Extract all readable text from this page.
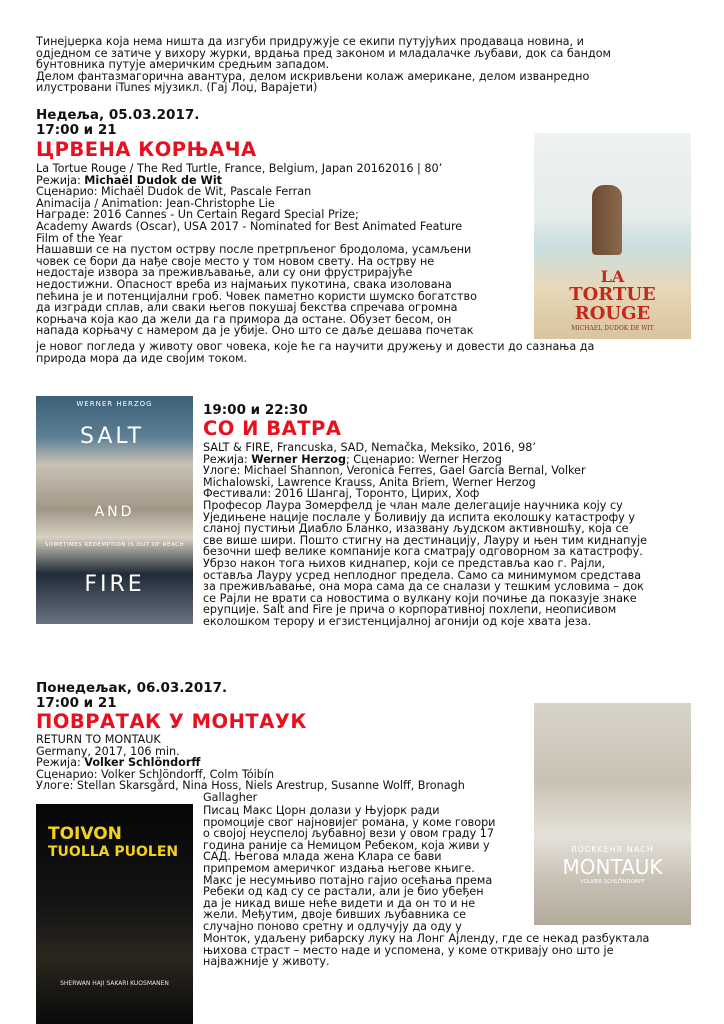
Тинејџерка која нема ништа да изгуби придружује се екипи путујућих продаваца новина, и
одједном се затиче у вихору журки, врдања пред законом и младалачке љубави, док са бандом
бунтовника путује америчким средњим западом.
Делом фантазмагорична авантура, делом искривљени колаж американе, делом изванредно
илустровани iTunes мјузикл. (Гај Лоџ, Варајети)
Недеља, 05.03.2017.
17:00 и 21
ЦРВЕНА КОРЊАЧА
La Tortue Rouge / The Red Turtle, France, Belgium, Japan 20162016 | 80’
Режија: Michaël Dudok de Wit
Сценарио: Michaël Dudok de Wit, Pascale Ferran
Animacija / Animation: Jean-Christophe Lie
Награде: 2016 Cannes - Un Certain Regard Special Prize;
Academy Awards (Oscar), USA 2017 - Nominated for Best Animated Feature
Film of the Year
Нашавши се на пустом острву после претрпљеног бродолома, усамљени
човек се бори да нађе своје место у том новом свету. На острву не
недостаје извора за преживљавање, али су они фрустрирајуће
недостижни. Опасност вреба из најмањих пукотина, свака изолована
пећина је и потенцијални гроб. Човек паметно користи шумско богатство
да изгради сплав, али сваки његов покушај бекства спречава огромна
корњача која као да жели да га примора да остане. Обузет бесом, он
напада корњачу с намером да је убије. Оно што се даље дешава почетак
је новог погледа у животу овог човека, које ће га научити дружењу и довести до сазнања да
природа мора да иде својим током.
LA
TORTUE
ROUGE
MICHAEL DUDOK DE WIT
WERNER HERZOG
SALT
AND
SOMETIMES REDEMPTION IS OUT OF REACH
FIRE
19:00 и 22:30
СО И ВАТРА
SALT & FIRE, Francuska, SAD, Nemačka, Meksiko, 2016, 98’
Режија: Werner Herzog; Сценарио: Werner Herzog
Улоге: Michael Shannon, Veronica Ferres, Gael García Bernal, Volker
Michalowski, Lawrence Krauss, Anita Briem, Werner Herzog
Фестивали: 2016 Шангај, Торонто, Цирих, Хоф
Професор Лаура Зомерфелд је члан мале делегације научника коју су
Уједињене нације послале у Боливију да испита еколошку катастрофу у
сланој пустињи Диабло Бланко, изазвану људском активношћу, која се
све више шири. Пошто стигну на дестинацију, Лауру и њен тим киднапује
безочни шеф велике компаније кога сматрају одговорном за катастрофу.
Убрзо након тога њихов киднапер, који се представља као г. Рајли,
оставља Лауру усред неплодног предела. Само са минимумом средстава
за преживљавање, она мора сама да се сналази у тешким условима – док
се Рајли не врати са новостима о вулкану који почиње да показује знаке
ерупције. Salt and Fire је прича о корпоративној похлепи, неописивом
еколошком терору и егзистенцијалној агонији од које хвата језа.
Понедељак, 06.03.2017.
17:00 и 21
ПОВРАТАК У МОНТАУК
RETURN TO MONTAUK
Germany, 2017, 106 min.
Режија: Volker Schlöndorff
Сценарио: Volker Schlöndorff, Colm Tóibín
Улоге: Stellan Skarsgård, Nina Hoss, Niels Arestrup, Susanne Wolff, Bronagh
Gallagher
Писац Макс Цорн долази у Њујорк ради
промоције свог најновијег романа, у коме говори
о својој неуспелој љубавној вези у овом граду 17
година раније са Немицом Ребеком, која живи у
САД. Његова млада жена Клара се бави
припремом америчког издања његове књиге.
Макс је несумњиво потајно гајио осећања према
Ребеки од кад су се растали, али је био убеђен
да је никад више неће видети и да он то и не
жели. Међутим, двоје бивших љубавника се
случајно поново сретну и одлучују да оду у
Монток, удаљену рибарску луку на Лонг Ајленду, где се некад разбуктала
њихова страст – место наде и успомена, у коме откривају оно што је
најважније у животу.
RÜCKKEHR NACH
MONTAUK
VOLKER SCHLÖNDORFF
TOIVON
TUOLLA PUOLEN
SHERWAN HAJI SAKARI KUOSMANEN
